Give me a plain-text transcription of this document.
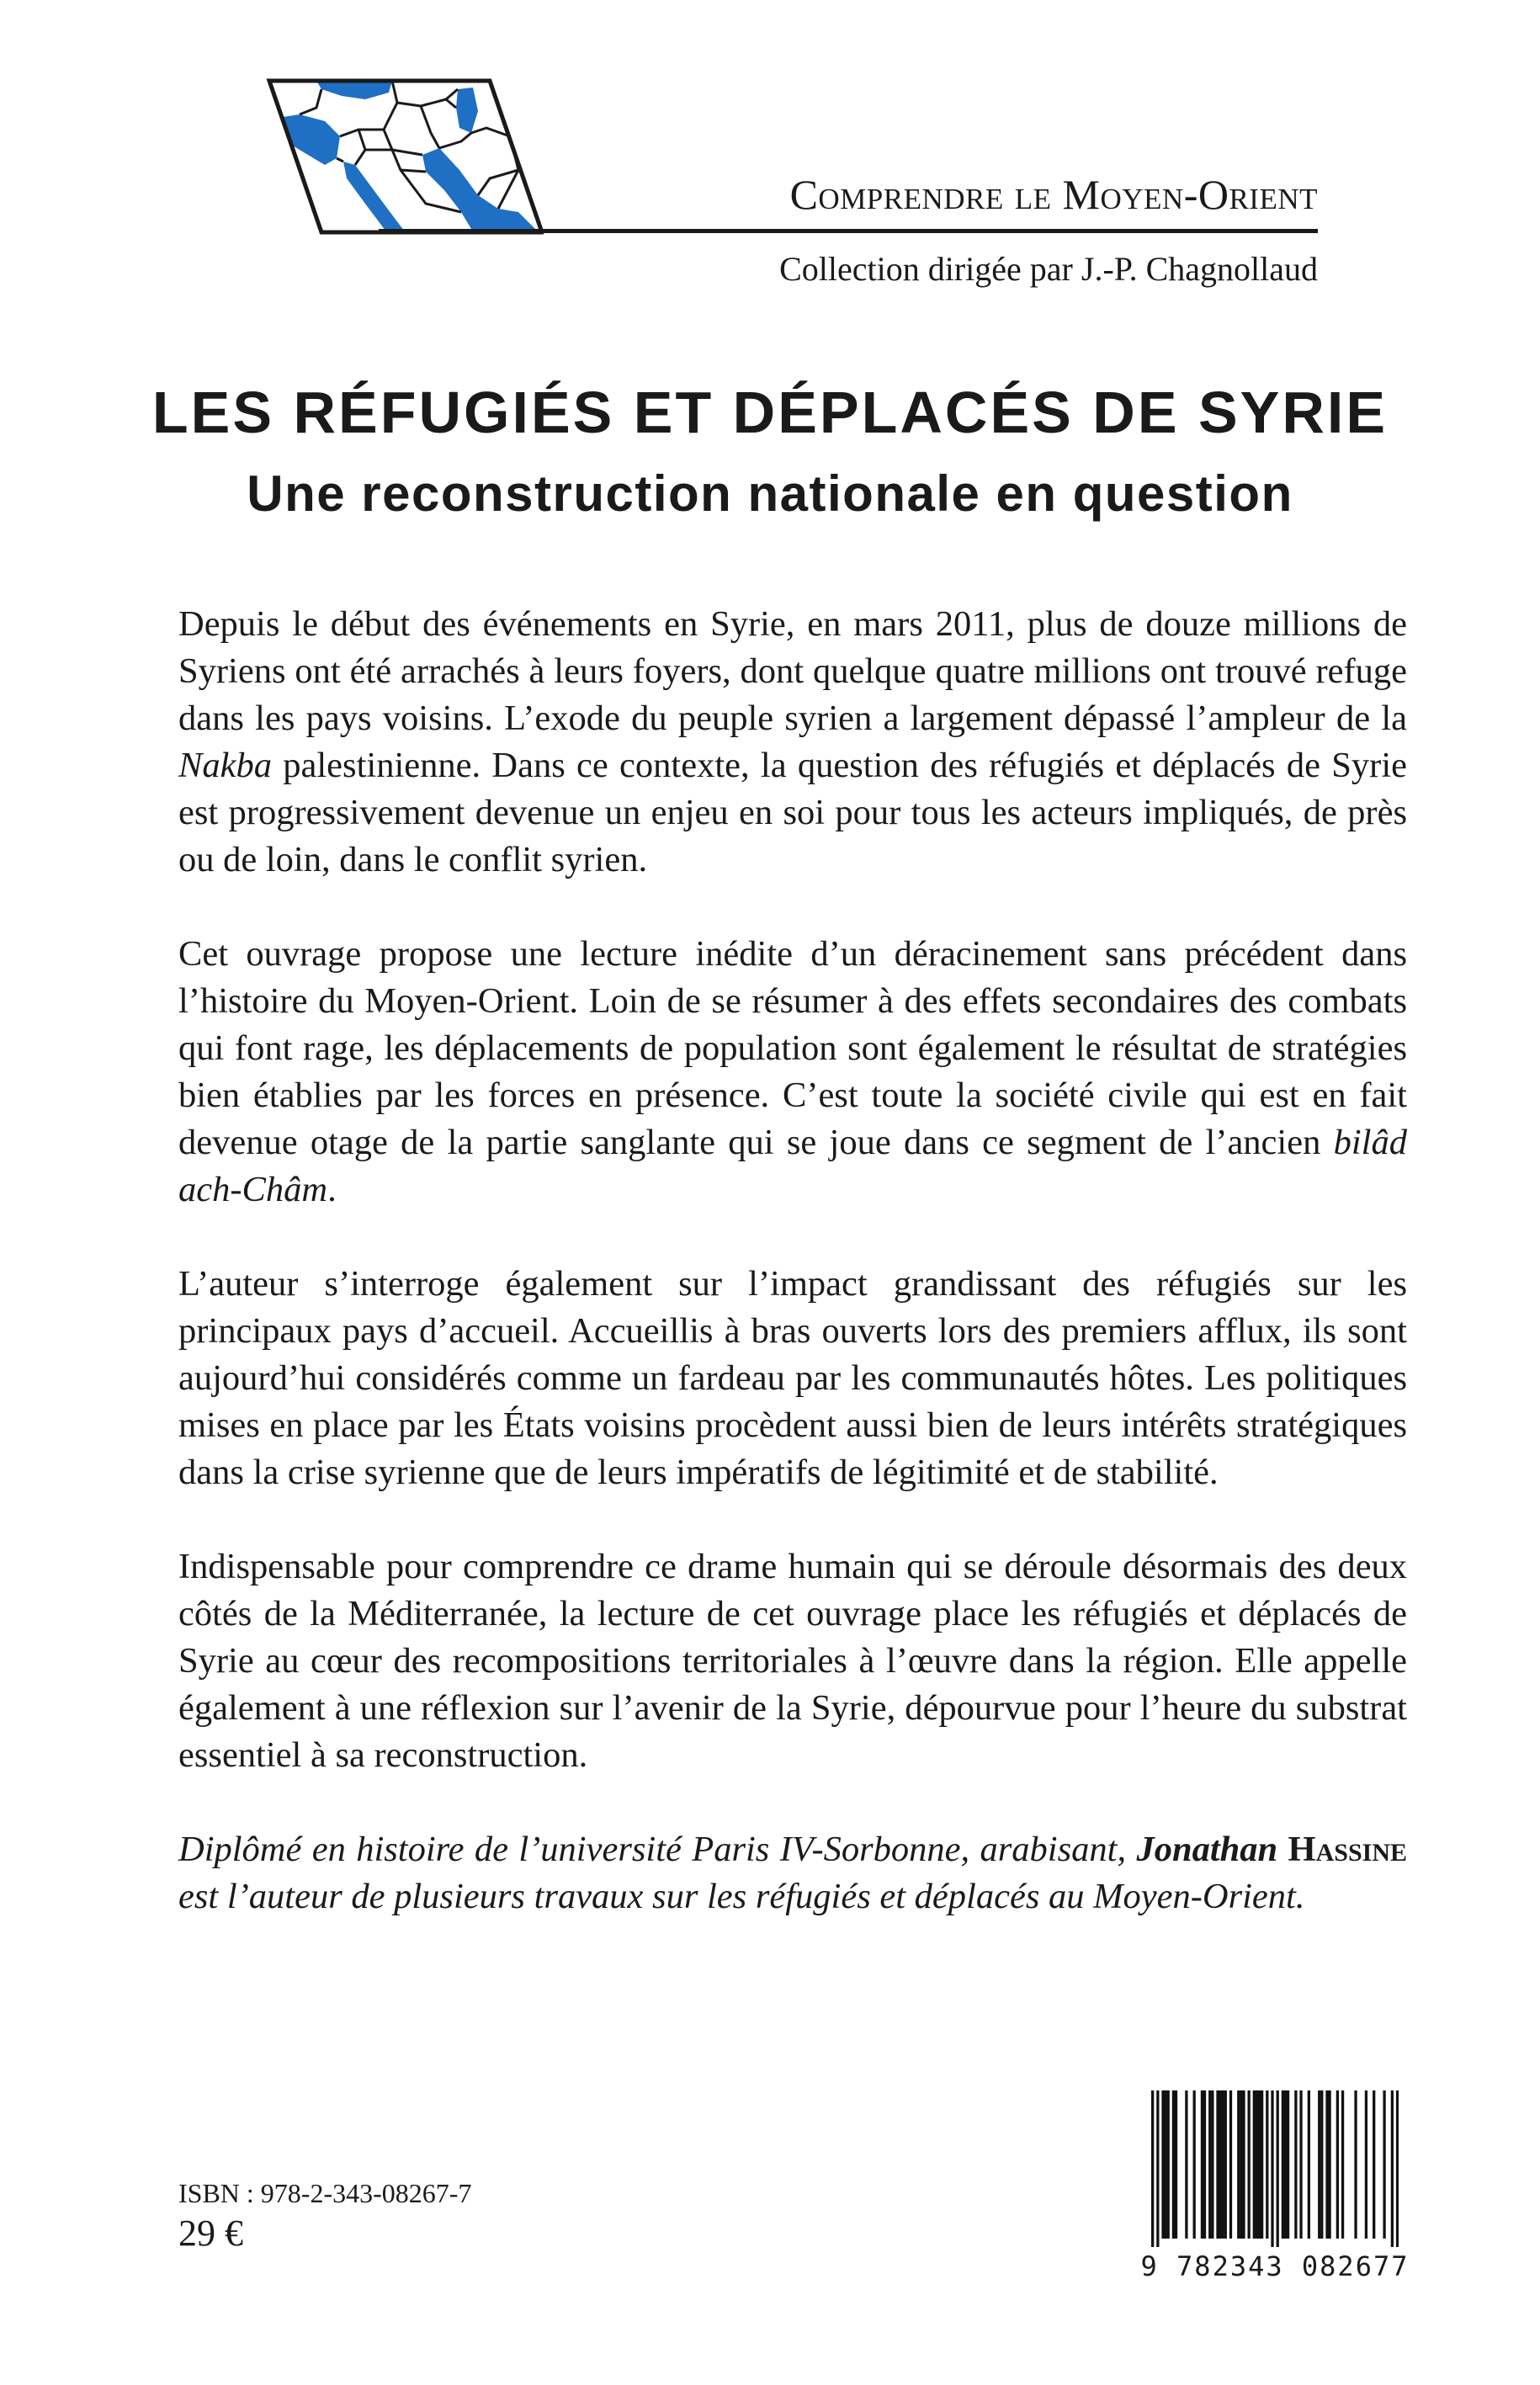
Comprendre le Moyen-Orient
Collection dirigée par J.-P. Chagnollaud
LES RÉFUGIÉS ET DÉPLACÉS DE SYRIE
Une reconstruction nationale en question

Depuis le début des événements en Syrie, en mars 2011, plus de douze millions de Syriens ont été arrachés à leurs foyers, dont quelque quatre millions ont trouvé refuge dans les pays voisins. L’exode du peuple syrien a largement dépassé l’ampleur de la Nakba palestinienne. Dans ce contexte, la question des réfugiés et déplacés de Syrie est progressivement devenue un enjeu en soi pour tous les acteurs impliqués, de près ou de loin, dans le conflit syrien.

Cet ouvrage propose une lecture inédite d’un déracinement sans précédent dans l’histoire du Moyen-Orient. Loin de se résumer à des effets secondaires des combats qui font rage, les déplacements de population sont également le résultat de stratégies bien établies par les forces en présence. C’est toute la société civile qui est en fait devenue otage de la partie sanglante qui se joue dans ce segment de l’ancien bilâd ach-Châm.

L’auteur s’interroge également sur l’impact grandissant des réfugiés sur les principaux pays d’accueil. Accueillis à bras ouverts lors des premiers afflux, ils sont aujourd’hui considérés comme un fardeau par les communautés hôtes. Les politiques mises en place par les États voisins procèdent aussi bien de leurs intérêts stratégiques dans la crise syrienne que de leurs impératifs de légitimité et de stabilité.

Indispensable pour comprendre ce drame humain qui se déroule désormais des deux côtés de la Méditerranée, la lecture de cet ouvrage place les réfugiés et déplacés de Syrie au cœur des recompositions territoriales à l’œuvre dans la région. Elle appelle également à une réflexion sur l’avenir de la Syrie, dépourvue pour l’heure du substrat essentiel à sa reconstruction.

Diplômé en histoire de l’université Paris IV-Sorbonne, arabisant, Jonathan Hassine est l’auteur de plusieurs travaux sur les réfugiés et déplacés au Moyen-Orient.

ISBN : 978-2-343-08267-7
29 €
9 782343 082677
